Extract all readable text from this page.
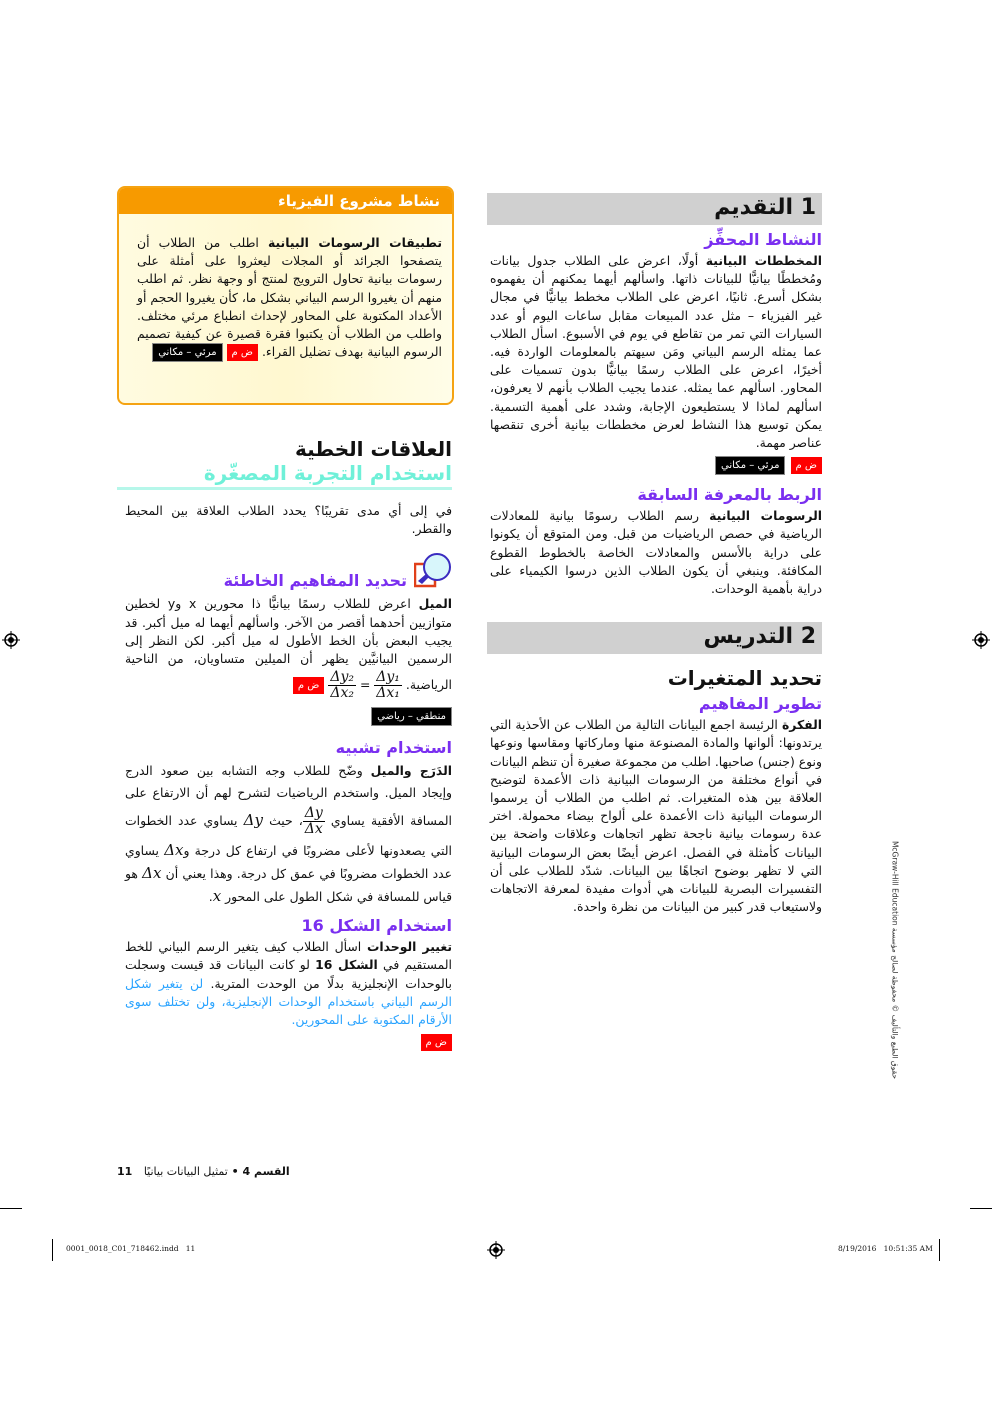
1 التقديم
النشاط المحفِّز
المخططات البيانية أولًا، اعرض على الطلاب جدول بيانات ومُخططًا بيانيًّا للبيانات ذاتها. واسألهم أيهما يمكنهم أن يفهموه بشكل أسرع. ثانيًا، اعرض على الطلاب مخطط بيانيًّا في مجال غير الفيزياء – مثل عدد المبيعات مقابل ساعات اليوم أو عدد السيارات التي تمر من تقاطع في يوم في الأسبوع. اسأل الطلاب عما يمثله الرسم البياني ومَن سيهتم بالمعلومات الواردة فيه. أخيرًا، اعرض على الطلاب رسمًا بيانيًّا بدون تسميات على المحاور. اسألهم عما يمثله. عندما يجيب الطلاب بأنهم لا يعرفون، اسألهم لماذا لا يستطيعون الإجابة، وشدد على أهمية التسمية. يمكن توسيع هذا النشاط لعرض مخططات بيانية أخرى تنقصها عناصر مهمة.
ض م مرئي – مكاني
الربط بالمعرفة السابقة
الرسومات البيانية رسم الطلاب رسومًا بيانية للمعادلات الرياضية في حصص الرياضيات من قبل. ومن المتوقع أن يكونوا على دراية بالأسس والمعادلات الخاصة بالخطوط القطوع المكافئة. وينبغي أن يكون الطلاب الذين درسوا الكيمياء على دراية بأهمية الوحدات.
2 التدريس
تحديد المتغيرات
تطوير المفاهيم
الفكرة الرئيسة اجمع البيانات التالية من الطلاب عن الأحذية التي يرتدونها: ألوانها والمادة المصنوعة منها وماركاتها ومقاسها ونوعها ونوع (جنس) صاحبها. اطلب من مجموعة صغيرة أن تنظم البيانات في أنواع مختلفة من الرسومات البيانية ذات الأعمدة لتوضيح العلاقة بين هذه المتغيرات. ثم اطلب من الطلاب أن يرسموا الرسومات البيانية ذات الأعمدة على ألواح بيضاء محمولة. اختر عدة رسومات بيانية ناجحة تظهر اتجاهات وعلاقات واضحة بين البيانات كأمثلة في الفصل. اعرض أيضًا بعض الرسومات البيانية التي لا تظهر بوضوح اتجاهًا بين البيانات. شدّد للطلاب على أن التفسيرات البصرية للبيانات هي أدوات مفيدة لمعرفة الاتجاهات ولاستيعاب قدر كبير من البيانات من نظرة واحدة.
نشاط مشروع الفيزياء
تطبيقات الرسومات البيانية اطلب من الطلاب أن يتصفحوا الجرائد أو المجلات ليعثروا على أمثلة على رسومات بيانية تحاول الترويج لمنتج أو وجهة نظر. ثم اطلب منهم أن يغيروا الرسم البياني بشكل ما، كأن يغيروا الحجم أو الأعداد المكتوبة على المحاور لإحداث انطباع مرئي مختلف. واطلب من الطلاب أن يكتبوا فقرة قصيرة عن كيفية تصميم الرسوم البيانية بهدف تضليل القراء. ض م مرئي – مكاني
العلاقات الخطية
استخدام التجربة المصغّرة
في إلى أي مدى تقريبًا؟ يحدد الطلاب العلاقة بين المحيط والقطر.
تحديد المفاهيم الخاطئة
الميل اعرض للطلاب رسمًا بيانيًّا ذا محورين x وy لخطين متوازيين أحدهما أقصر من الآخر. واسألهم أيهما له ميل أكبر. قد يجيب البعض بأن الخط الأطول له ميل أكبر. لكن النظر إلى الرسمين البيانيَّين يظهر أن الميلين متساويان، من الناحية الرياضية.
$\frac{\text{Δy₁}}{\text{Δx₁}}$
=
$\frac{\text{Δy₂}}{\text{Δx₂}}$
ض م
منطقي – رياضي
استخدام تشبيه
الدَرَج والميل وضّح للطلاب وجه التشابه بين صعود الدرج وإيجاد الميل. واستخدم الرياضيات لتشرح لهم أن الارتفاع على المسافة الأفقية يساوي
$\frac{\Delta y}{\Delta x}$
، حيث Δy يساوي عدد الخطوات التي يصعدونها لأعلى مضروبًا في ارتفاع كل درجة وΔx يساوي عدد الخطوات مضروبًا في عمق كل درجة. وهذا يعني أن Δx هو قياس للمسافة في شكل الطول على المحور x.
استخدام الشكل 16
تغيير الوحدات اسأل الطلاب كيف يتغير الرسم البياني للخط المستقيم في الشكل 16 لو كانت البيانات قد قيست وسجلت بالوحدات الإنجليزية بدلًا من الوحدت المترية. لن يتغير شكل الرسم البياني باستخدام الوحدات الإنجليزية، ولن تختلف سوى الأرقام المكتوبة على المحورين.
ض م
حقوق الطبع والتأليف © محفوظة لصالح مؤسسة McGraw-Hill Education
القسم 4 • تمثيل البيانات بيانيًا   11
0001_0018_C01_718462.indd   11	8/19/2016   10:51:35 AM
